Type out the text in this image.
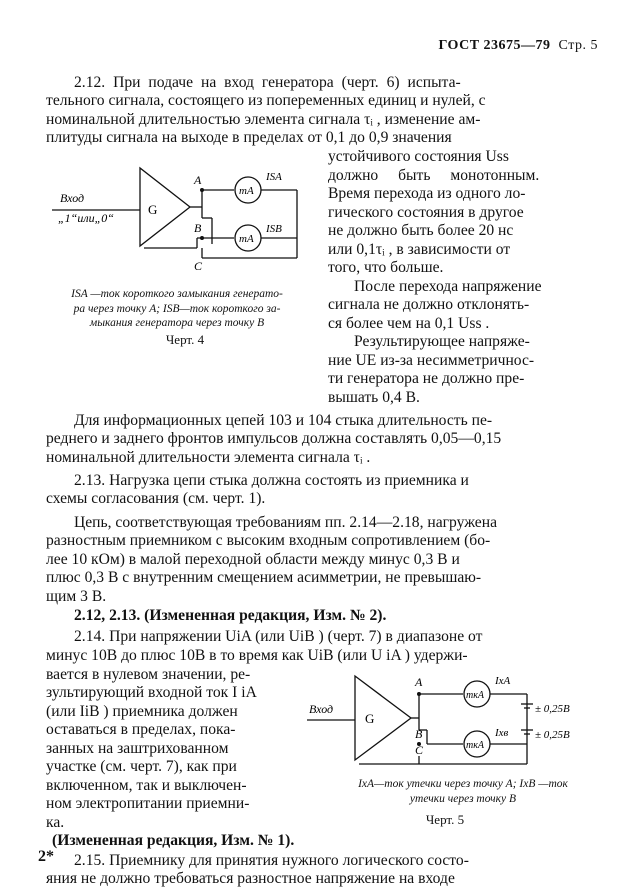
ГОСТ 23675—79 Стр. 5
2.12. При подаче на вход генератора (черт. 6) испыта-
тельного сигнала, состоящего из попеременных единиц и нулей, с
номинальной длительностью элемента сигнала τᵢ , изменение ам-
плитуды сигнала на выходе в пределах от 0,1 до 0,9 значения
Вход
„1“или„0“
G
A
B
C
mA
mA
ISA
ISB
ISA —ток короткого замыкания генерато-
ра через точку A; ISB—ток короткого за-
мыкания генератора через точку B
Черт. 4
устойчивого состояния Uss
должно быть монотонным.
Время перехода из одного ло-
гического состояния в другое
не должно быть более 20 нс
или 0,1τᵢ , в зависимости от
того, что больше.
После перехода напряжение
сигнала не должно отклонять-
ся более чем на 0,1 Uss .
Результирующее напряже-
ние UE из-за несимметричнос-
ти генератора не должно пре-
вышать 0,4 В.
Для информационных цепей 103 и 104 стыка длительность пе-
реднего и заднего фронтов импульсов должна составлять 0,05—0,15
номинальной длительности элемента сигнала τᵢ .
2.13. Нагрузка цепи стыка должна состоять из приемника и
схемы согласования (см. черт. 1).
Цепь, соответствующая требованиям пп. 2.14—2.18, нагружена
разностным приемником с высоким входным сопротивлением (бо-
лее 10 кОм) в малой переходной области между минус 0,3 В и
плюс 0,3 В с внутренним смещением асимметрии, не превышаю-
щим 3 В.
2.12, 2.13. (Измененная редакция, Изм. № 2).
2.14. При напряжении UiA (или UiB ) (черт. 7) в диапазоне от
минус 10В до плюс 10В в то время как UiB (или U iA ) удержи-
вается в нулевом значении, ре-
зультирующий входной ток I iA
(или IiB ) приемника должен
оставаться в пределах, пока-
занных на заштрихованном
участке (см. черт. 7), как при
включенном, так и выключен-
ном электропитании приемни-
ка.
Вход
G
A
B
C
mкA
mкA
IxA
Ixв
± 0,25В
± 0,25В
IxA—ток утечки через точку A; IxB —ток
утечки через точку B
Черт. 5
(Измененная редакция, Изм. № 1).
2.15. Приемнику для принятия нужного логического состо-
яния не должно требоваться разностное напряжение на входе
2*
